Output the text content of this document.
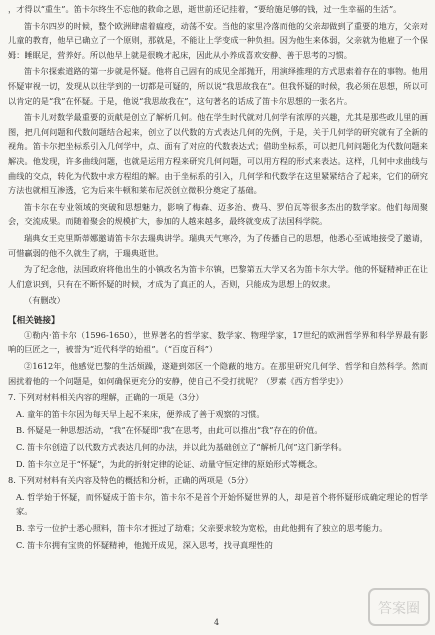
，才得以“重生”。笛卡尔终生不忘他的救命之恩，逝世前还记挂着，“要给施足够的钱，过一生幸福的生活”。

笛卡尔四岁的时候，整个欧洲肆虐着瘟疫，动荡不安。当他的家里冷落而他的父亲却做到了重要的地方，父亲对儿童的教育，他早已确立了一个原则，那就是，不能让上学变成一种负担。因为他生来体弱，父亲就为他雇了一个保姆：睡眠足，营养好。所以他早上就是很晚才起床，因此从小养成喜欢安静、善于思考的习惯。

笛卡尔探索道路的第一步就是怀疑。他将自己固有的成见全部抛开，用演绎推理的方式思索着存在的事物。他用怀疑审视一切，发现从以往学到的一切都是可疑的，所以说“我思故我在”。但我怀疑的时候，我必须在思想，所以可以肯定的是“我”在怀疑。于是，他说“我思故我在”，这句著名的话成了笛卡尔思想的一张名片。

笛卡儿对数学最重要的贡献是创立了解析几何。他在学生时代就对几何学有浓厚的兴趣，尤其是那些政儿里的画图，把几何问题和代数问题结合起来，创立了以代数的方式表达几何的先例，于是，关于几何学的研究就有了全新的视角。笛卡尔把坐标系引入几何学中，点、面有了对应的代数表达式；借助坐标系，可以把几何问题化为代数问题来解决。他发现，许多曲线问题，也就是运用方程来研究几何问题，可以用方程的形式来表达。这样，几何中求曲线与曲线的交点，转化为代数中求方程组的解。由于坐标系的引入，几何学和代数学在这里紧紧结合了起来，它们的研究方法也就相互渗透，它为后来牛顿和莱布尼茨创立微积分奠定了基础。

笛卡尔在专业领域的突破和思想魅力，影响了梅森、迈多治、费马、罗伯瓦等很多杰出的数学家。他们每周聚会，交流成果。而随着聚会的规模扩大，参加的人越来越多，最终就变成了法国科学院。

瑞典女王克里斯蒂娜邀请笛卡尔去瑞典讲学。瑞典天气寒冷，为了传播自己的思想，他悉心至诚地接受了邀请，可惜贏弱的他不久就生了病，于瑞典逝世。

为了纪念他，法国政府将他出生的小镇改名为笛卡尔镇，巴黎第五大学又名为笛卡尔大学。他的怀疑精神正在让人们意识到，只有在不断怀疑的时候，才成为了真正的人，否则，只能成为思想上的奴隶。

（有删改）

【相关链接】

①勒内·笛卡尔（1596-1650），世界著名的哲学家、数学家、物理学家，17世纪的欧洲哲学界和科学界最有影响的巨匠之一，被誉为“近代科学的始祖”。（“百度百科”）

②1612年，他感觉巴黎的生活烦躁，遂避到郊区一个隐蔽的地方。在那里研究几何学、哲学和自然科学。然而困扰着他的一个问题是，如何确保更充分的安静，使自己不受打扰呢？（罗素《西方哲学史》）

7. 下列对材料相关内容的理解，正确的一项是（3分）

A. 童年的笛卡尔因为每天早上起不来床，便养成了善于观察的习惯。

B. 怀疑是一种思想活动，“我”在怀疑即“我”在思考，由此可以推出“我”存在的价值。

C. 笛卡尔创造了以代数方式表达几何的办法，并以此为基础创立了“解析几何”这门新学科。

D. 笛卡尔立足于“怀疑”，为此的折射定律的论证、动量守恒定律的原始形式等概念。

8. 下列对材料有关内容及特色的概括和分析，正确的两项是（5分）

A. 哲学始于怀疑，而怀疑成于笛卡尔，笛卡尔不是首个开始怀疑世界的人，却是首个将怀疑形成确定理论的哲学家。

B. 幸亏一位护士悉心照料，笛卡尔才捱过了劫难；父亲要求较为宽松，由此他拥有了独立的思考能力。

C. 笛卡尔拥有宝贵的怀疑精神，他抛开成见，深入思考，找寻真理性的

4
答案圈
